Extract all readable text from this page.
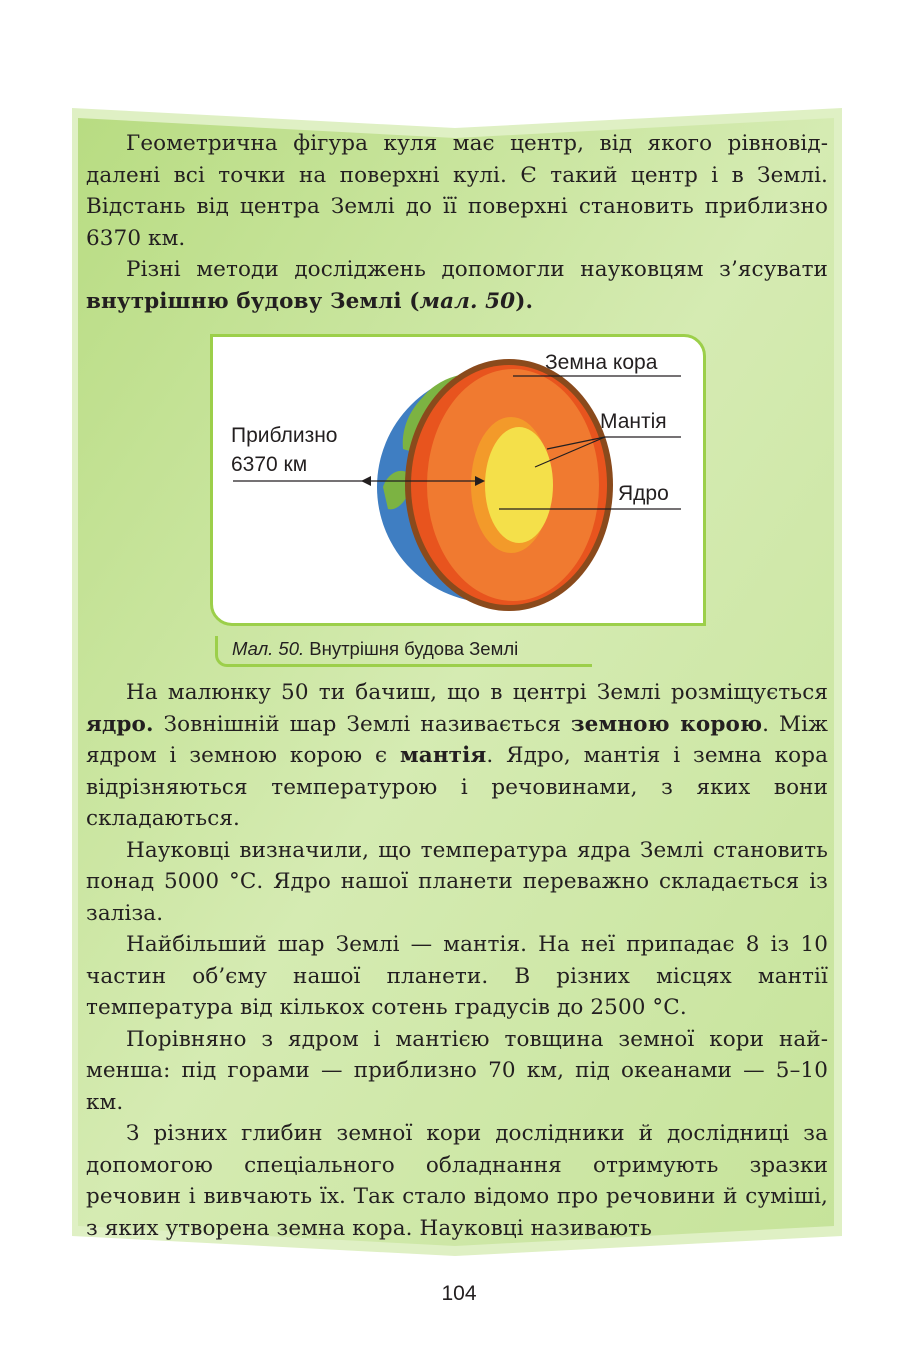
Геометрична фігура куля має центр, від якого рівновіддалені всі точки на поверхні кулі. Є такий центр і в Землі. Відстань від центра Землі до її поверхні становить приблизно 6370 км.

Різні методи досліджень допомогли науковцям з’ясувати внутрішню будову Землі (мал. 50).

Земна кора
Мантія
Ядро
Приблизно
6370 км
Мал. 50. Внутрішня будова Землі

На малюнку 50 ти бачиш, що в центрі Землі розміщується ядро. Зовнішній шар Землі називається земною корою. Між ядром і земною корою є мантія. Ядро, мантія і земна кора відрізняються температурою і речовинами, з яких вони складаються.

Науковці визначили, що температура ядра Землі становить понад 5000 °С. Ядро нашої планети переважно складається із заліза.

Найбільший шар Землі — мантія. На неї припадає 8 із 10 частин об’єму нашої планети. В різних місцях мантії температура від кількох сотень градусів до 2500 °С.

Порівняно з ядром і мантією товщина земної кори найменша: під горами — приблизно 70 км, під океанами — 5–10 км.

З різних глибин земної кори дослідники й дослідниці за допомогою спеціального обладнання отримують зразки речовин і вивчають їх. Так стало відомо про речовини й суміші, з яких утворена земна кора. Науковці називають

104
